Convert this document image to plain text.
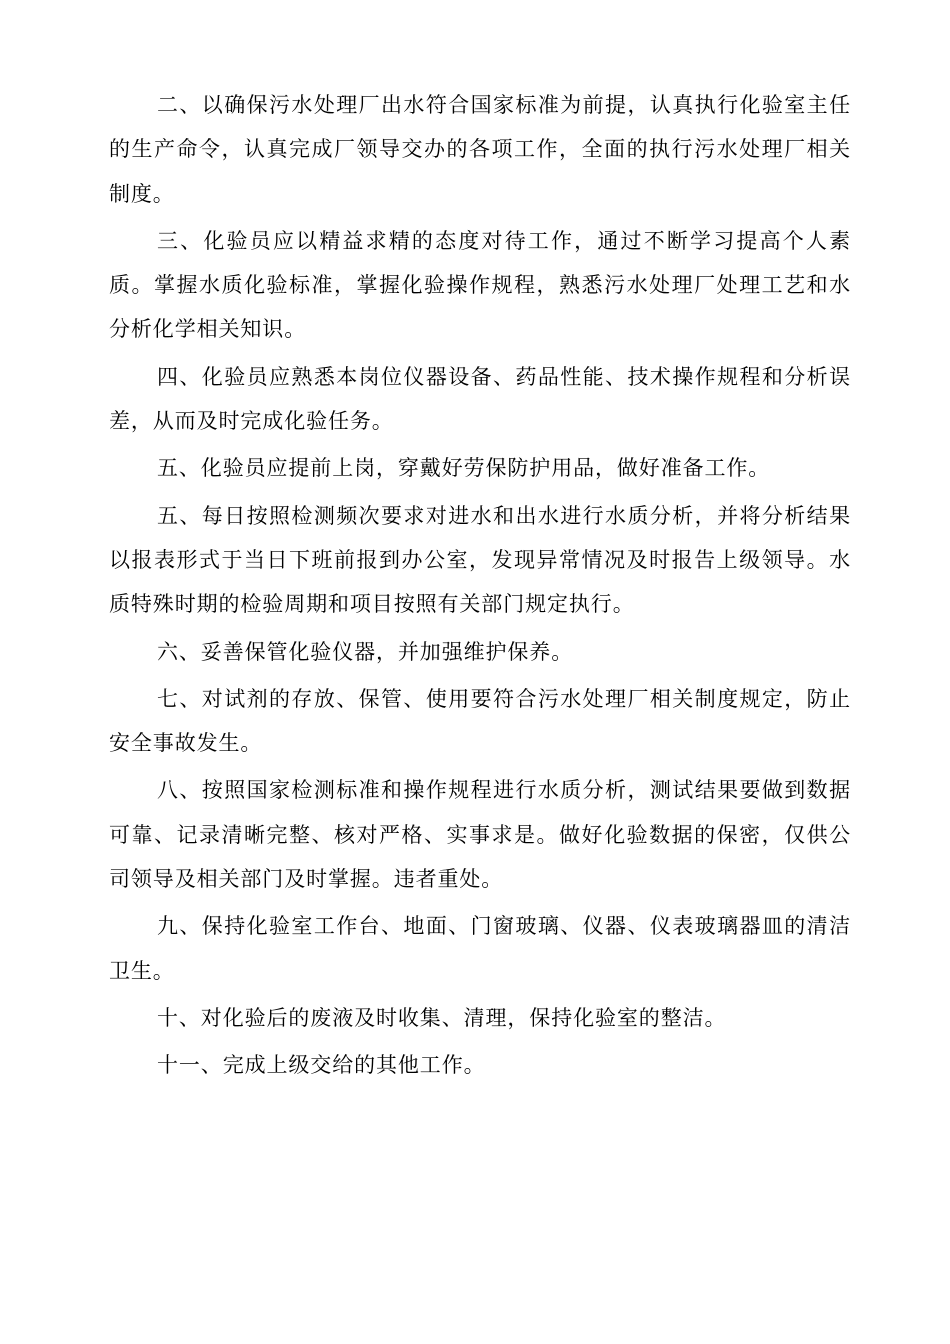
二、以确保污水处理厂出水符合国家标准为前提，认真执行化验室主任的生产命令，认真完成厂领导交办的各项工作，全面的执行污水处理厂相关制度。

三、化验员应以精益求精的态度对待工作，通过不断学习提高个人素质。掌握水质化验标准，掌握化验操作规程，熟悉污水处理厂处理工艺和水分析化学相关知识。

四、化验员应熟悉本岗位仪器设备、药品性能、技术操作规程和分析误差，从而及时完成化验任务。

五、化验员应提前上岗，穿戴好劳保防护用品，做好准备工作。

五、每日按照检测频次要求对进水和出水进行水质分析，并将分析结果以报表形式于当日下班前报到办公室，发现异常情况及时报告上级领导。水质特殊时期的检验周期和项目按照有关部门规定执行。

六、妥善保管化验仪器，并加强维护保养。

七、对试剂的存放、保管、使用要符合污水处理厂相关制度规定，防止安全事故发生。

八、按照国家检测标准和操作规程进行水质分析，测试结果要做到数据可靠、记录清晰完整、核对严格、实事求是。做好化验数据的保密，仅供公司领导及相关部门及时掌握。违者重处。

九、保持化验室工作台、地面、门窗玻璃、仪器、仪表玻璃器皿的清洁卫生。

十、对化验后的废液及时收集、清理，保持化验室的整洁。

十一、完成上级交给的其他工作。
